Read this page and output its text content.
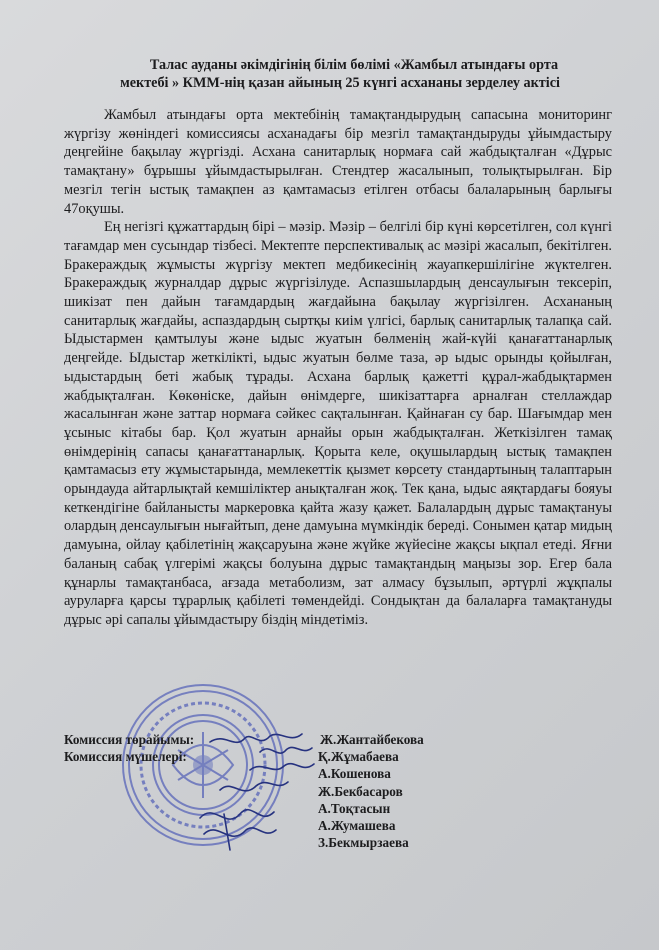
Талас ауданы әкімдігінің білім бөлімі «Жамбыл атындағы орта
мектебі » КММ-нің қазан айының 25 күнгі асхананы зерделеу актісі

Жамбыл атындағы орта мектебінің тамақтандырудың сапасына мониторинг жүргізу жөніндегі комиссиясы асханадағы бір мезгіл тамақтандыруды ұйымдастыру деңгейіне бақылау жүргізді. Асхана санитарлық нормаға сай жабдықталған «Дұрыс тамақтану» бұрышы ұйымдастырылған. Стендтер жасалынып, толықтырылған. Бір мезгіл тегін ыстық тамақпен аз қамтамасыз етілген отбасы балаларының барлығы 47оқушы.

Ең негізгі құжаттардың бірі – мәзір. Мәзір – белгілі бір күні көрсетілген, сол күнгі тағамдар мен сусындар тізбесі. Мектепте перспективалық ас мәзірі жасалып, бекітілген. Бракераждық жұмысты жүргізу мектеп медбикесінің жауапкершілігіне жүктелген. Бракераждық журналдар дұрыс жүргізілуде. Аспазшылардың денсаулығын тексеріп, шикізат пен дайын тағамдардың жағдайына бақылау жүргізілген. Асхананың санитарлық жағдайы, аспаздардың сыртқы киім үлгісі, барлық санитарлық талапқа сай. Ыдыстармен қамтылуы және ыдыс жуатын бөлменің жай-күйі қанағаттанарлық деңгейде. Ыдыстар жеткілікті, ыдыс жуатын бөлме таза, әр ыдыс орынды қойылған, ыдыстардың беті жабық тұрады. Асхана барлық қажетті құрал-жабдықтармен жабдықталған. Көкөніске, дайын өнімдерге, шикізаттарға арналған стеллаждар жасалынған және заттар нормаға сәйкес сақталынған. Қайнаған су бар. Шағымдар мен ұсыныс кітабы бар. Қол жуатын арнайы орын жабдықталған. Жеткізілген тамақ өнімдерінің сапасы қанағаттанарлық. Қорыта келе, оқушылардың ыстық тамақпен қамтамасыз ету жұмыстарында, мемлекеттік қызмет көрсету стандартының талаптарын орындауда айтарлықтай кемшіліктер анықталған жоқ. Тек қана, ыдыс аяқтардағы бояуы кеткендігіне байланысты маркеровка қайта жазу қажет. Балалардың дұрыс тамақтануы олардың денсаулығын нығайтып, дене дамуына мүмкіндік береді. Сонымен қатар мидың дамуына, ойлау қабілетінің жақсаруына және жүйке жүйесіне жақсы ықпал етеді. Яғни баланың сабақ үлгерімі жақсы болуына дұрыс тамақтандың маңызы зор. Егер бала құнарлы тамақтанбаса, ағзада метаболизм, зат алмасу бұзылып, әртүрлі жұқпалы ауруларға қарсы тұрарлық қабілеті төмендейді. Сондықтан да балаларға тамақтануды дұрыс әрі сапалы ұйымдастыру біздің міндетіміз.

Комиссия төрайымы:	Ж.Жантайбекова
Комиссия мүшелері:	Қ.Жұмабаева
А.Кошенова
Ж.Бекбасаров
А.Тоқтасын
А.Жумашева
З.Бекмырзаева
